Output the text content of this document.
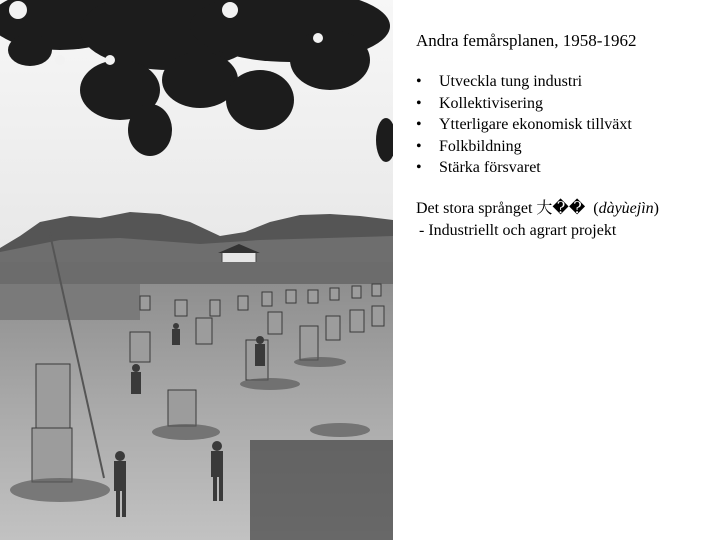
Andra femårsplanen, 1958-1962
• Utveckla tung industri
• Kollektivisering
• Ytterligare ekonomisk tillväxt
• Folkbildning
• Stärka försvaret
Det stora språnget 大�� (dàyùejìn)
- Industriellt och agrart projekt
